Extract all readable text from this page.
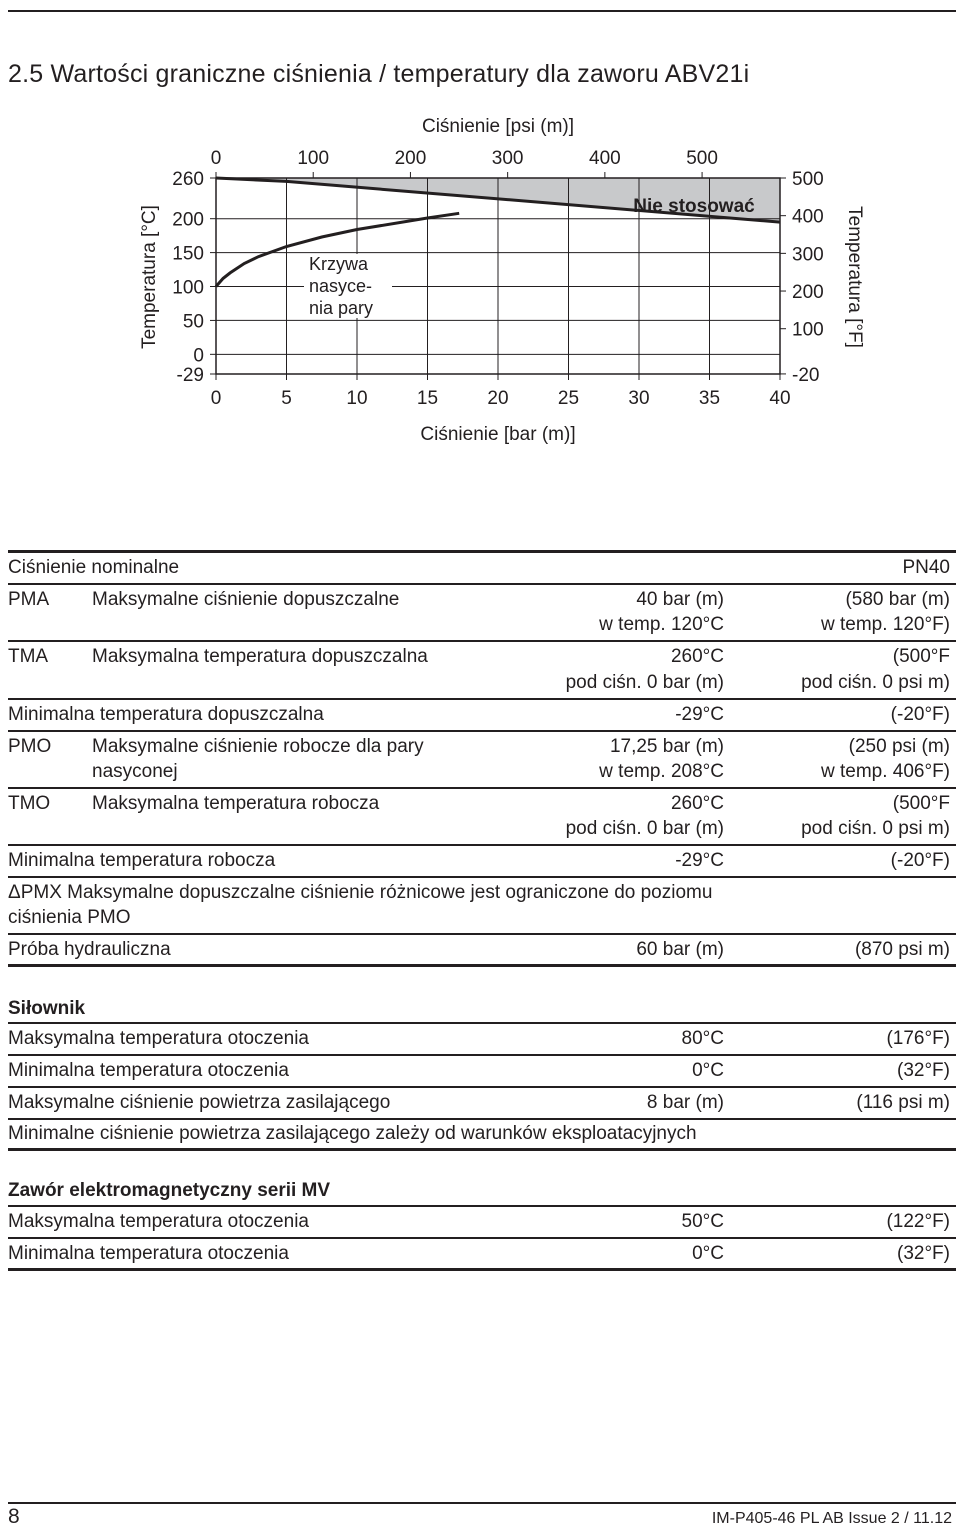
2.5 Wartości graniczne ciśnienia / temperatury dla zaworu ABV21i
0	5	10	15	20	25	30	35	40
0	100	200	300	400	500
260
200
150
100
50
0
-29
500
400
300
200
100
-20
Ciśnienie [psi (m)]
Ciśnienie [bar (m)]
Temperatura [°C]	Temperatura [°F]
Nie stosować
Krzywa
nasyce-
nia pary
Ciśnienie nominalne	PN40
PMA Maksymalne ciśnienie dopuszczalne	40 bar (m)	(580 bar (m)
w temp. 120°C	w temp. 120°F)
TMA Maksymalna temperatura dopuszczalna	260°C	(500°F
pod ciśn. 0 bar (m)	pod ciśn. 0 psi m)
Minimalna temperatura dopuszczalna	-29°C	(-20°F)
PMO Maksymalne ciśnienie robocze dla pary	17,25 bar (m)	(250 psi (m)
nasyconej	w temp. 208°C	w temp. 406°F)
TMO Maksymalna temperatura robocza	260°C	(500°F
pod ciśn. 0 bar (m)	pod ciśn. 0 psi m)
Minimalna temperatura robocza	-29°C	(-20°F)
ΔPMX Maksymalne dopuszczalne ciśnienie różnicowe jest ograniczone do poziomu
ciśnienia PMO
Próba hydrauliczna	60 bar (m)	(870 psi m)
Siłownik
Maksymalna temperatura otoczenia	80°C	(176°F)
Minimalna temperatura otoczenia	0°C	(32°F)
Maksymalne ciśnienie powietrza zasilającego	8 bar (m)	(116 psi m)
Minimalne ciśnienie powietrza zasilającego zależy od warunków eksploatacyjnych
Zawór elektromagnetyczny serii MV
Maksymalna temperatura otoczenia	50°C	(122°F)
Minimalna temperatura otoczenia	0°C	(32°F)
8	IM-P405-46 PL AB Issue 2 / 11.12
